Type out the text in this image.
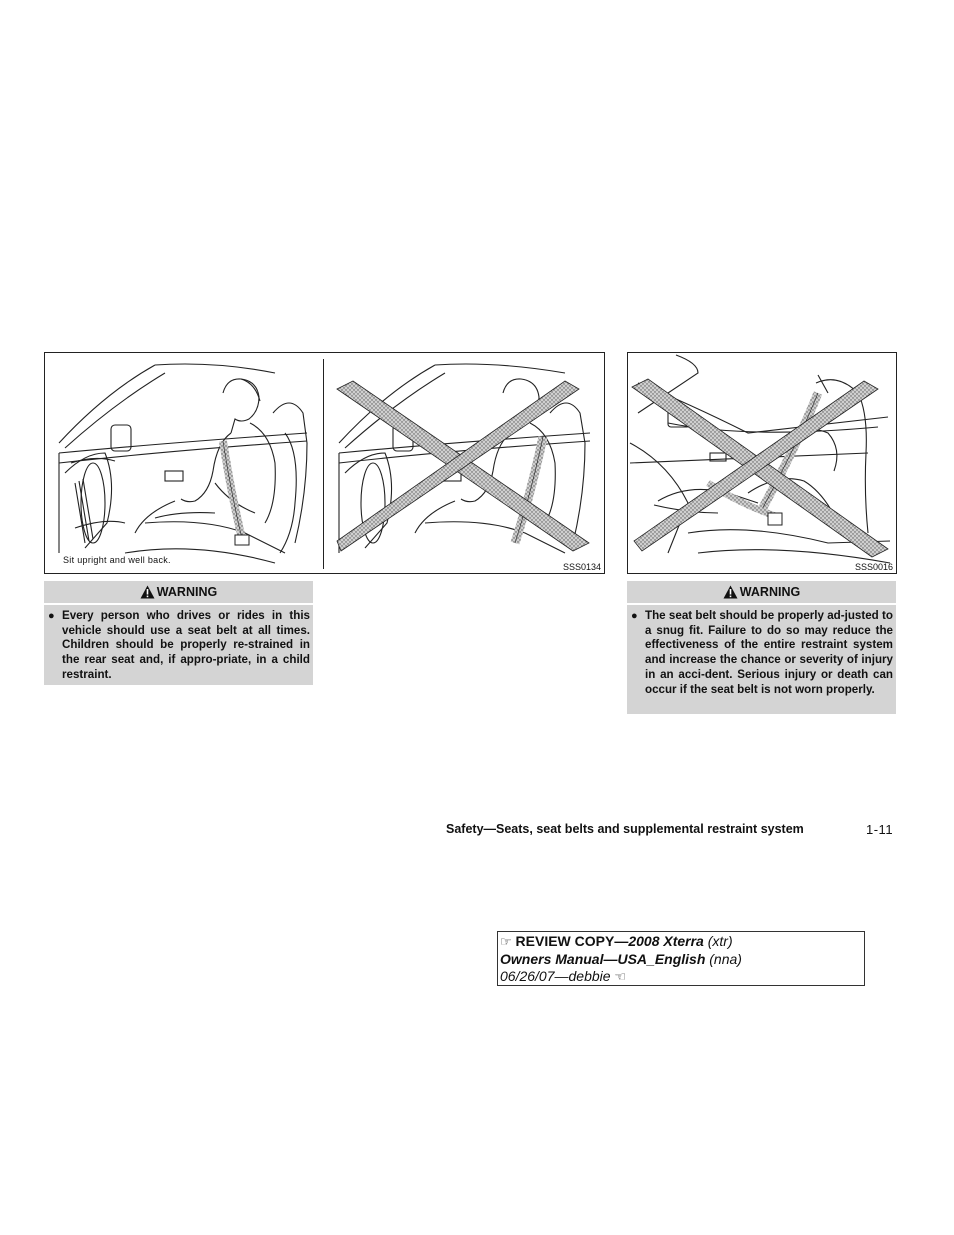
Sit upright and well back.
SSS0134	SSS0016
WARNING
● Every person who drives or rides in this vehicle should use a seat belt at all times. Children should be properly re-strained in the rear seat and, if appro-priate, in a child restraint.
WARNING
● The seat belt should be properly ad-justed to a snug fit. Failure to do so may reduce the effectiveness of the entire restraint system and increase the chance or severity of injury in an acci-dent. Serious injury or death can occur if the seat belt is not worn properly.
Safety—Seats, seat belts and supplemental restraint system	1-11
☞ REVIEW COPY—2008 Xterra (xtr)
Owners Manual—USA_English (nna)
06/26/07—debbie ☜
